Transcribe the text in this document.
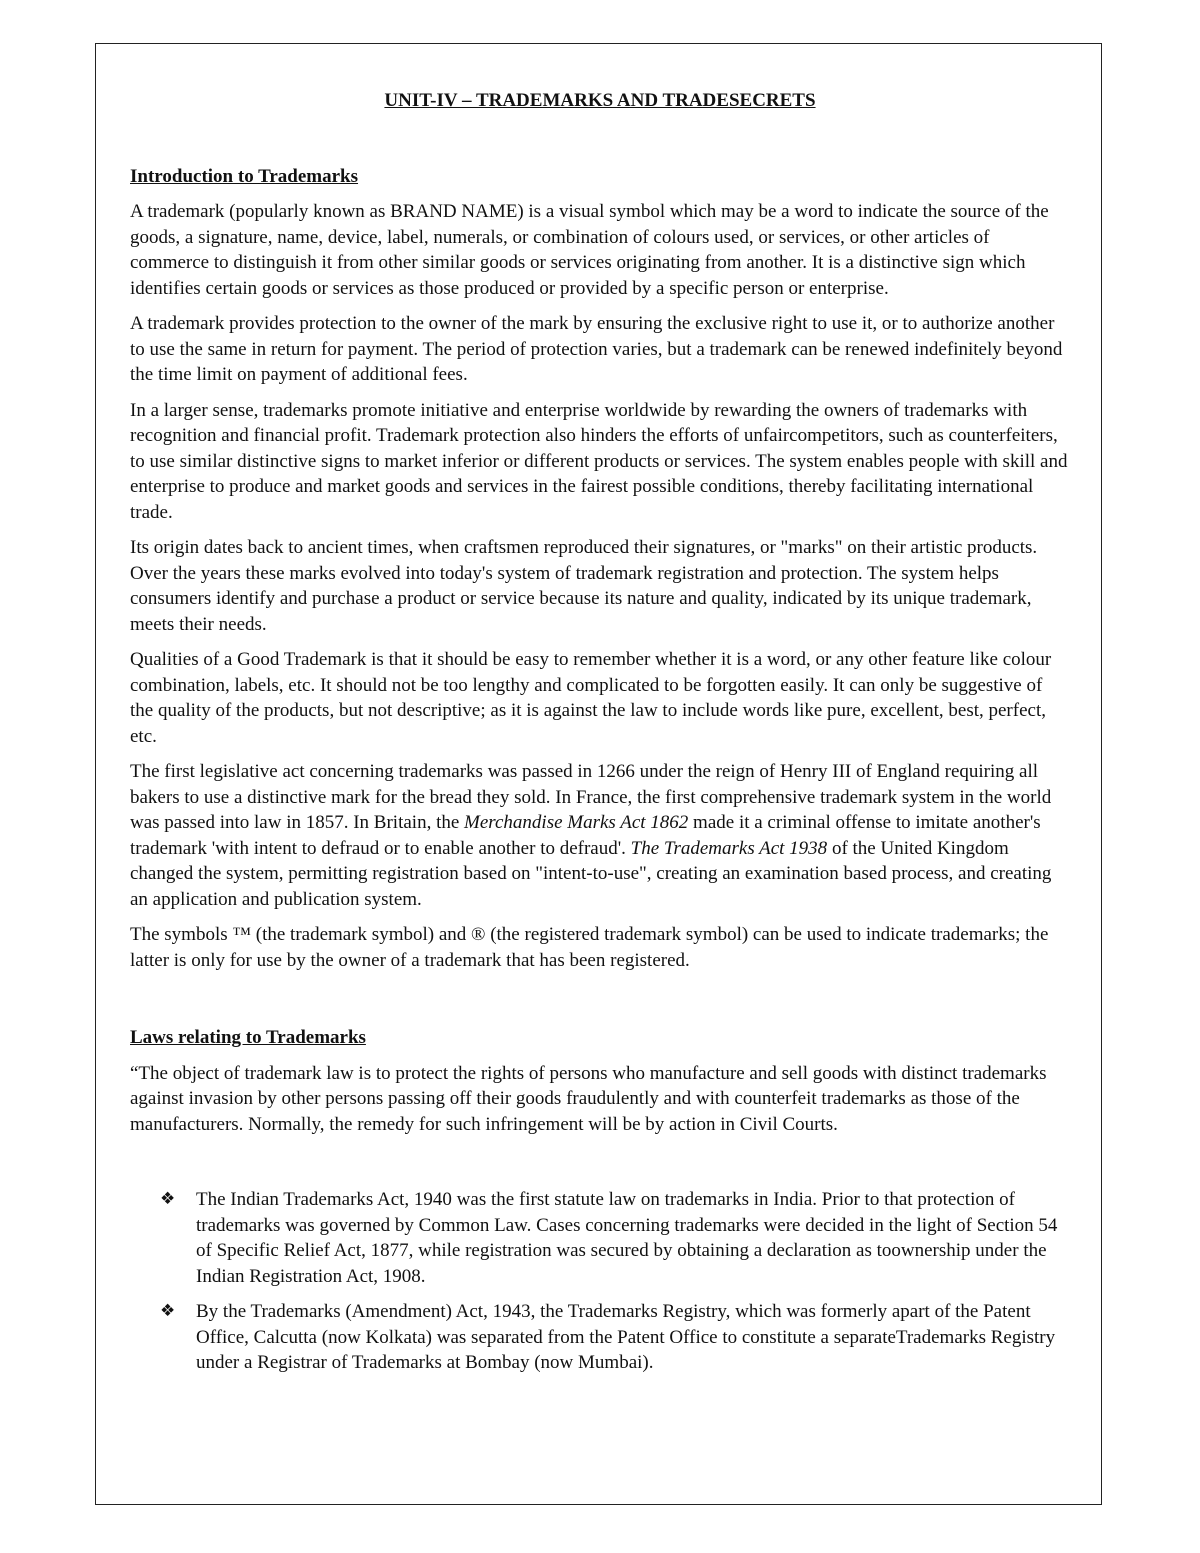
UNIT-IV – TRADEMARKS AND TRADESECRETS
Introduction to Trademarks

A trademark (popularly known as BRAND NAME) is a visual symbol which may be a word to indicate the source of the goods, a signature, name, device, label, numerals, or combination of colours used, or services, or other articles of commerce to distinguish it from other similar goods or services originating from another. It is a distinctive sign which identifies certain goods or services as those produced or provided by a specific person or enterprise.

A trademark provides protection to the owner of the mark by ensuring the exclusive right to use it, or to authorize another to use the same in return for payment. The period of protection varies, but a trademark can be renewed indefinitely beyond the time limit on payment of additional fees.

In a larger sense, trademarks promote initiative and enterprise worldwide by rewarding the owners of trademarks with recognition and financial profit. Trademark protection also hinders the efforts of unfaircompetitors, such as counterfeiters, to use similar distinctive signs to market inferior or different products or services. The system enables people with skill and enterprise to produce and market goods and services in the fairest possible conditions, thereby facilitating international trade.

Its origin dates back to ancient times, when craftsmen reproduced their signatures, or "marks" on their artistic products. Over the years these marks evolved into today's system of trademark registration and protection. The system helps consumers identify and purchase a product or service because its nature and quality, indicated by its unique trademark, meets their needs.

Qualities of a Good Trademark is that it should be easy to remember whether it is a word, or any other feature like colour combination, labels, etc. It should not be too lengthy and complicated to be forgotten easily. It can only be suggestive of the quality of the products, but not descriptive; as it is against the law to include words like pure, excellent, best, perfect, etc.

The first legislative act concerning trademarks was passed in 1266 under the reign of Henry III of England requiring all bakers to use a distinctive mark for the bread they sold. In France, the first comprehensive trademark system in the world was passed into law in 1857. In Britain, the Merchandise Marks Act 1862 made it a criminal offense to imitate another's trademark 'with intent to defraud or to enable another to defraud'. The Trademarks Act 1938 of the United Kingdom changed the system, permitting registration based on "intent-to-use", creating an examination based process, and creating an application and publication system.

The symbols ™ (the trademark symbol) and ® (the registered trademark symbol) can be used to indicate trademarks; the latter is only for use by the owner of a trademark that has been registered.

Laws relating to Trademarks

“The object of trademark law is to protect the rights of persons who manufacture and sell goods with distinct trademarks against invasion by other persons passing off their goods fraudulently and with counterfeit trademarks as those of the manufacturers. Normally, the remedy for such infringement will be by action in Civil Courts.

❖ The Indian Trademarks Act, 1940 was the first statute law on trademarks in India. Prior to that protection of trademarks was governed by Common Law. Cases concerning trademarks were decided in the light of Section 54 of Specific Relief Act, 1877, while registration was secured by obtaining a declaration as toownership under the Indian Registration Act, 1908.
❖ By the Trademarks (Amendment) Act, 1943, the Trademarks Registry, which was formerly apart of the Patent Office, Calcutta (now Kolkata) was separated from the Patent Office to constitute a separateTrademarks Registry under a Registrar of Trademarks at Bombay (now Mumbai).
